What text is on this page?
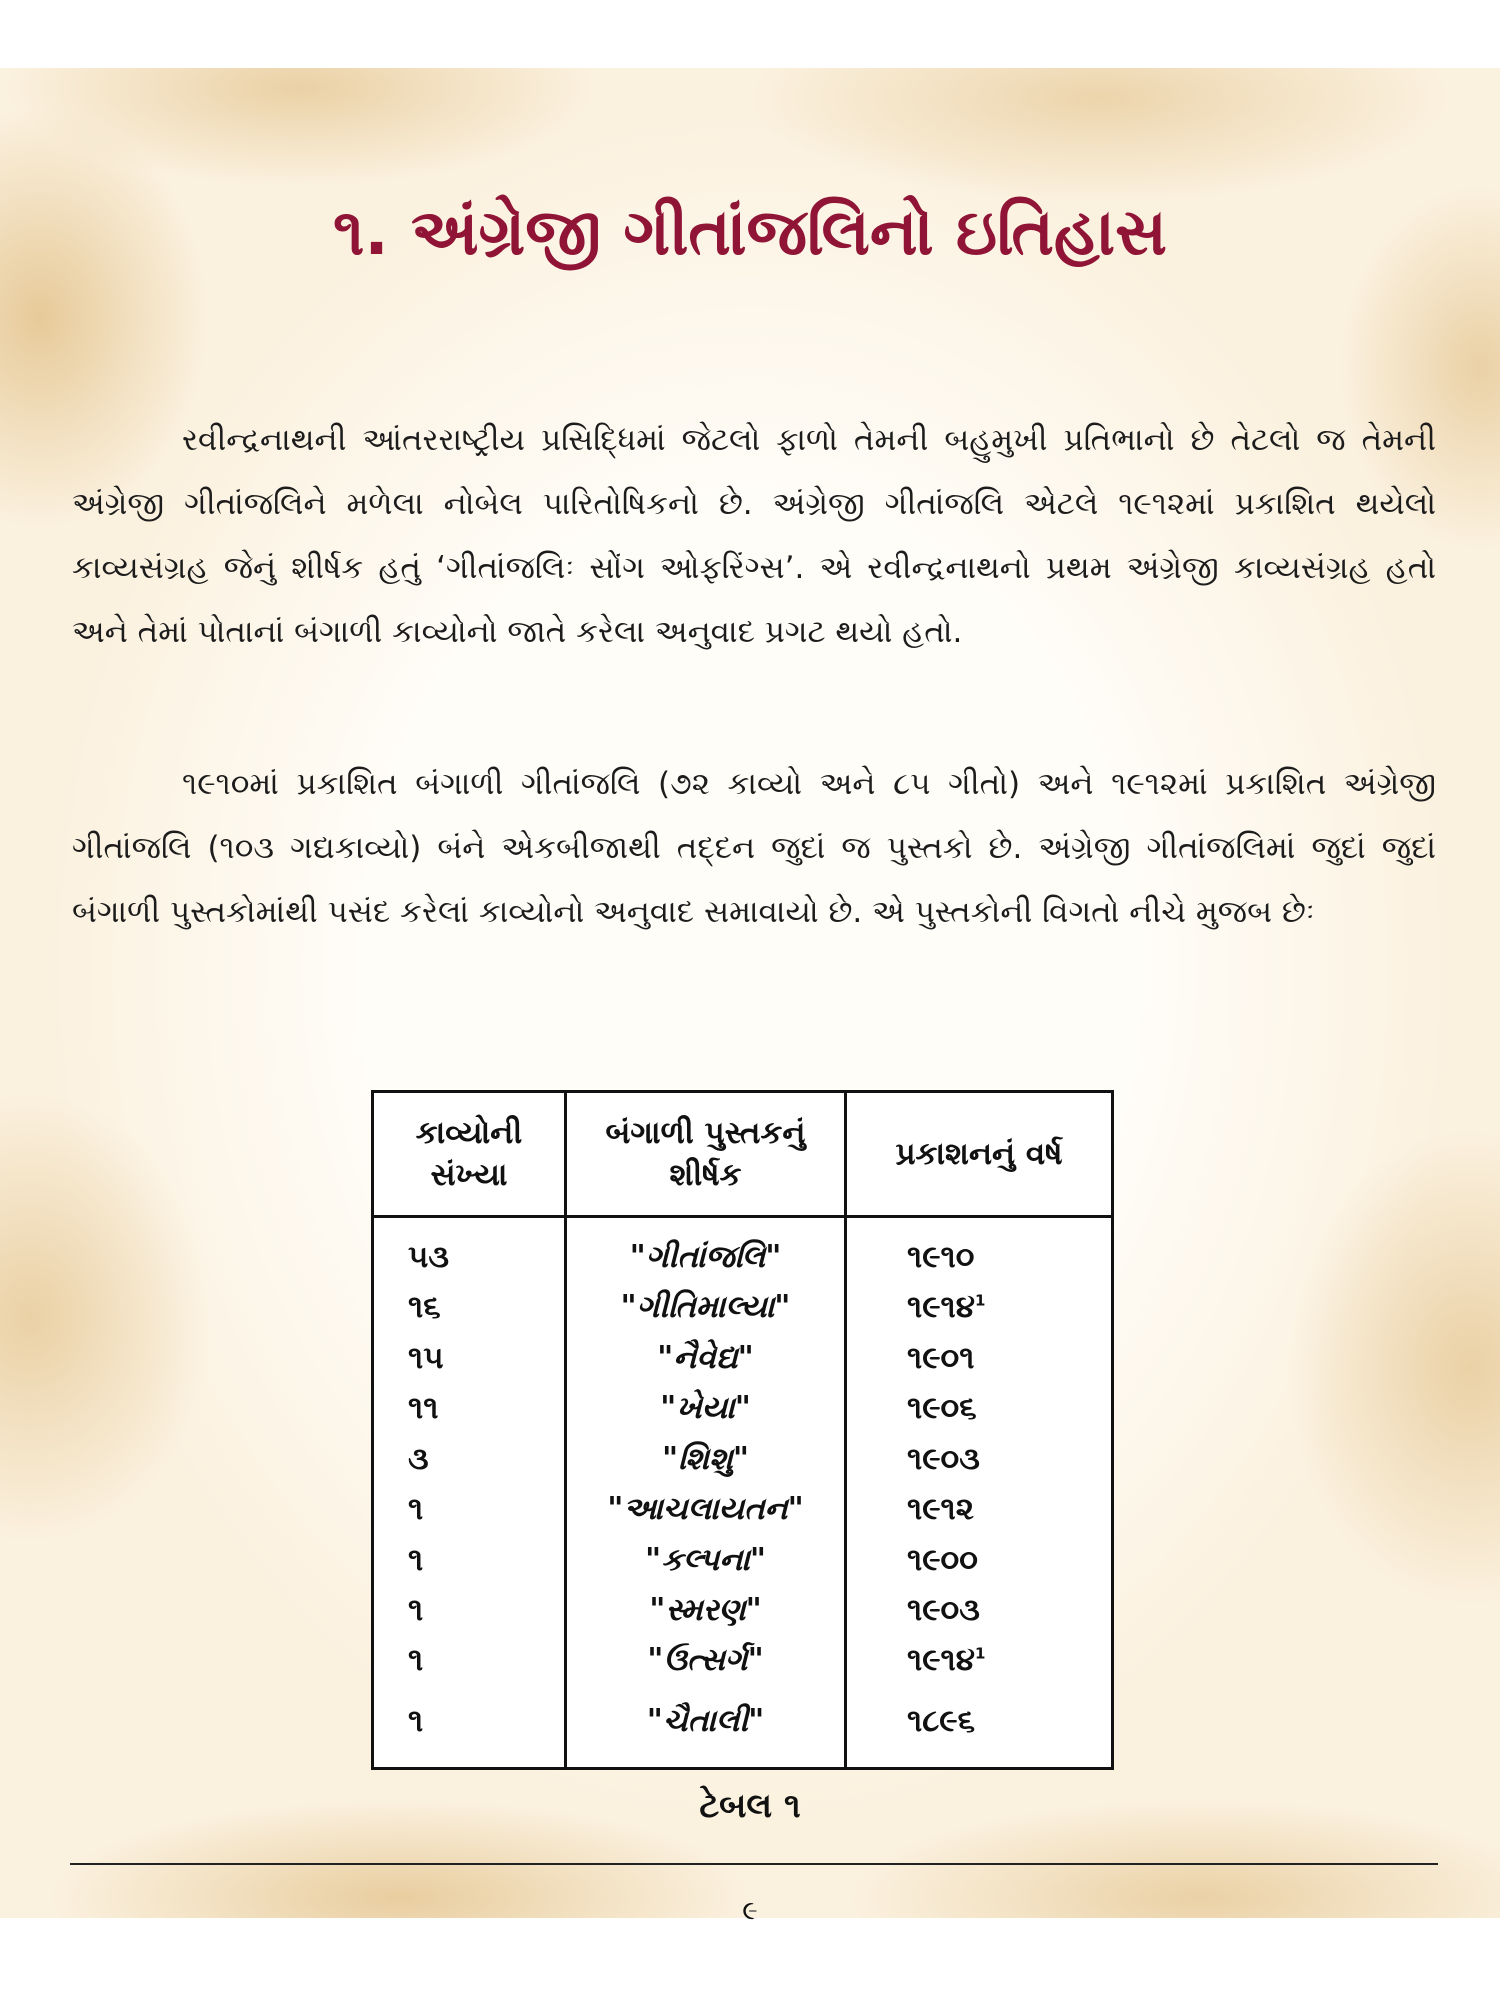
૧. અંગ્રેજી ગીતાંજલિનો ઇતિહાસ

રવીન્દ્રનાથની આંતરરાષ્ટ્રીય પ્રસિદ્ધિમાં જેટલો ફાળો તેમની બહુમુખી પ્રતિભાનો છે તેટલો જ તેમની અંગ્રેજી ગીતાંજલિને મળેલા નોબેલ પારિતોષિકનો છે. અંગ્રેજી ગીતાંજલિ એટલે ૧૯૧૨માં પ્રકાશિત થયેલો કાવ્યસંગ્રહ જેનું શીર્ષક હતું ‘ગીતાંજલિઃ સોંગ ઓફરિંગ્સ’. એ રવીન્દ્રનાથનો પ્રથમ અંગ્રેજી કાવ્યસંગ્રહ હતો અને તેમાં પોતાનાં બંગાળી કાવ્યોનો જાતે કરેલા અનુવાદ પ્રગટ થયો હતો.

૧૯૧૦માં પ્રકાશિત બંગાળી ગીતાંજલિ (૭૨ કાવ્યો અને ૮૫ ગીતો) અને ૧૯૧૨માં પ્રકાશિત અંગ્રેજી ગીતાંજલિ (૧૦૩ ગદ્યકાવ્યો) બંને એકબીજાથી તદ્દન જુદાં જ પુસ્તકો છે. અંગ્રેજી ગીતાંજલિમાં જુદાં જુદાં બંગાળી પુસ્તકોમાંથી પસંદ કરેલાં કાવ્યોનો અનુવાદ સમાવાયો છે. એ પુસ્તકોની વિગતો નીચે મુજબ છેઃ

કાવ્યોની સંખ્યા	બંગાળી પુસ્તકનું શીર્ષક	પ્રકાશનનું વર્ષ
૫૩	"ગીતાંજલિ"	૧૯૧૦
૧૬	"ગીતિમાલ્યા"	૧૯૧૪$^1$
૧૫	"નૈવેદ્ય"	૧૯૦૧
૧૧	"ખેયા"	૧૯૦૬
૩	"શિશુ"	૧૯૦૩
૧	"આચલાયતન"	૧૯૧૨
૧	"કલ્પના"	૧૯૦૦
૧	"સ્મરણ"	૧૯૦૩
૧	"ઉત્સર્ગ"	૧૯૧૪$^1$
૧	"ચૈતાલી"	૧૮૯૬
ટેબલ ૧
૯
